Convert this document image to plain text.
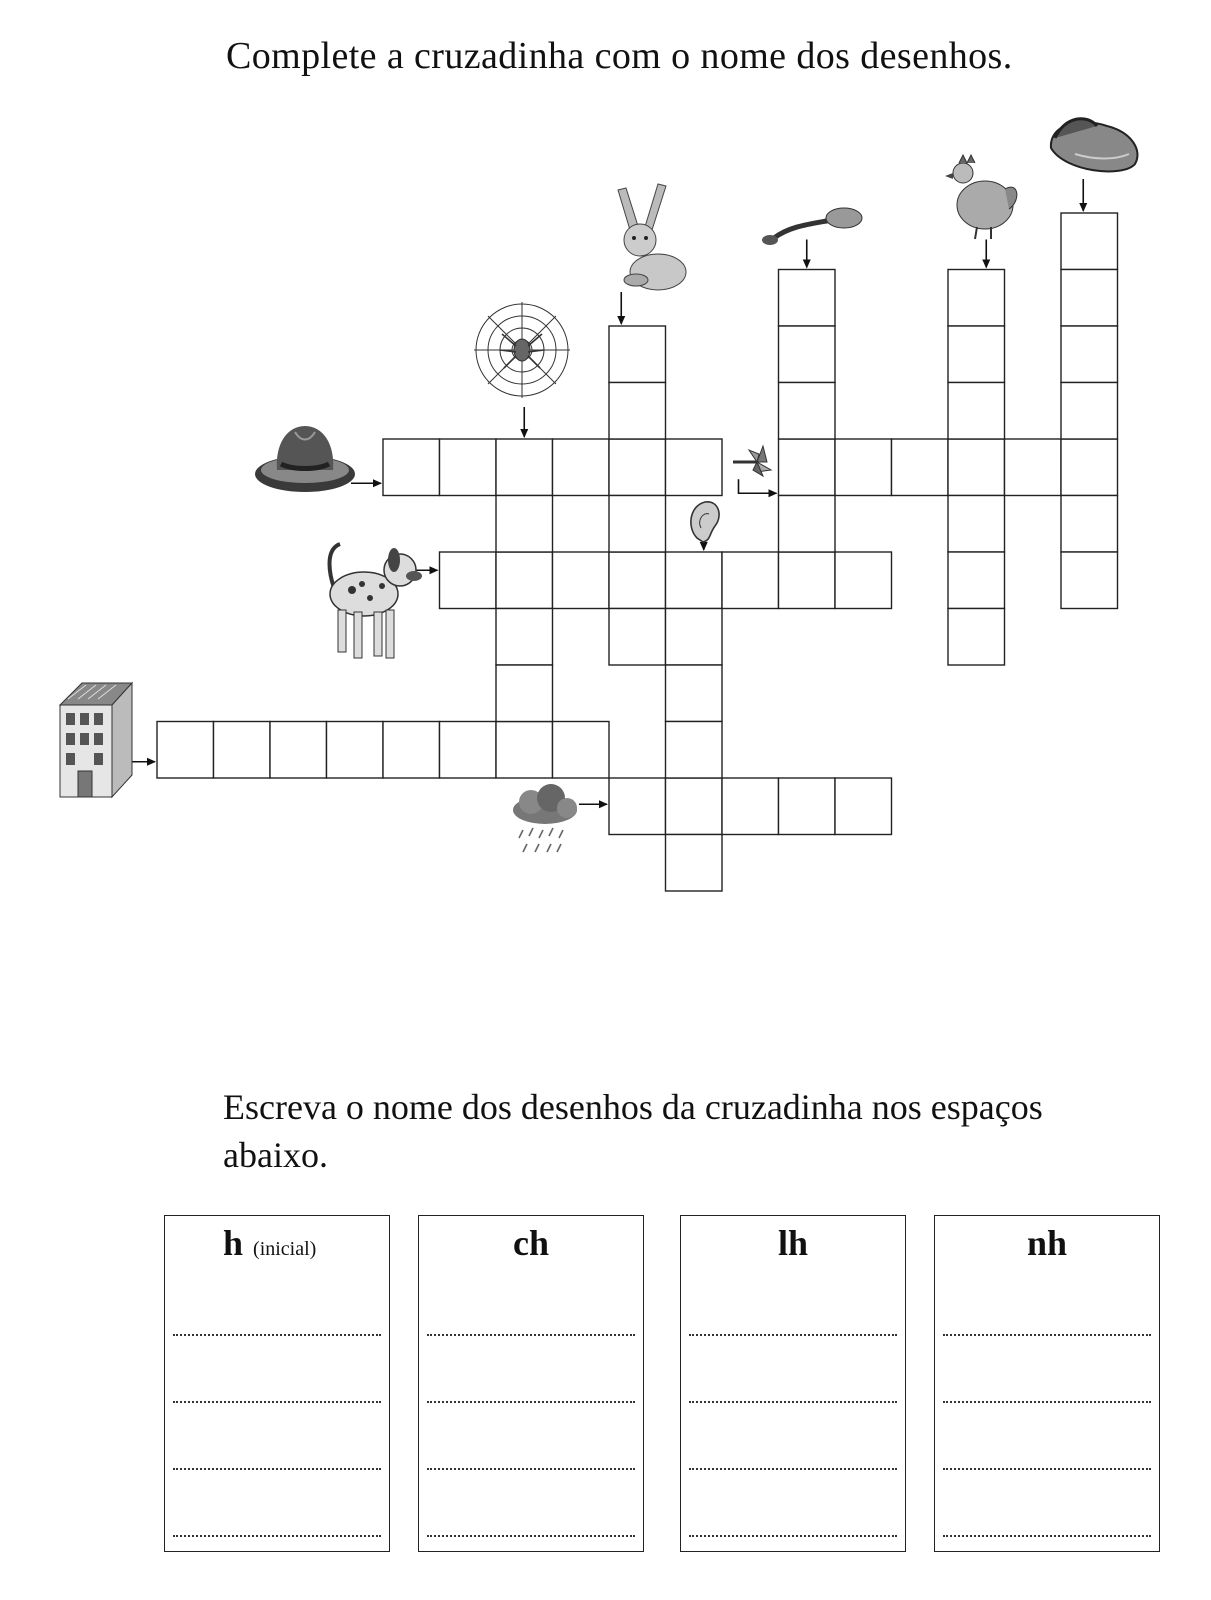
Complete a cruzadinha com o nome dos desenhos.

Escreva o nome dos desenhos da cruzadinha nos espaços abaixo.

h (inicial)	ch	lh	nh
